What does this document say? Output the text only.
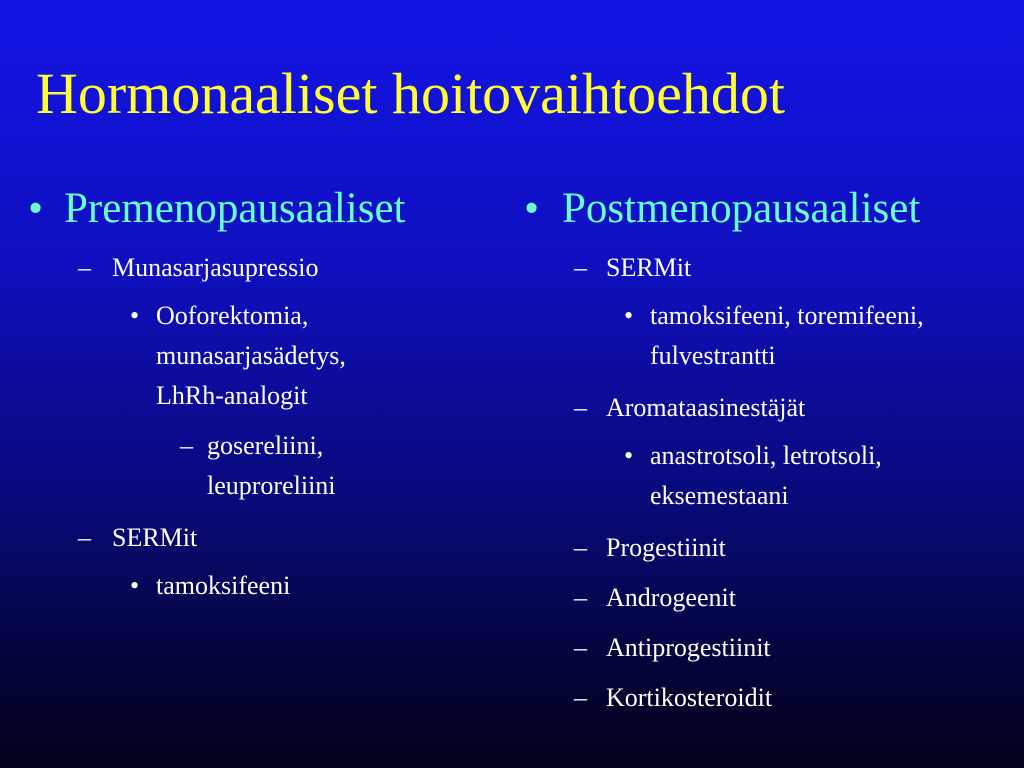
Hormonaaliset hoitovaihtoehdot
• Premenopausaaliset
– Munasarjasupressio
• Ooforektomia,
munasarjasädetys,
LhRh-analogit
– gosereliini,
leuproreliini
– SERMit
• tamoksifeeni
• Postmenopausaaliset
– SERMit
• tamoksifeeni, toremifeeni,
fulvestrantti
– Aromataasinestäjät
• anastrotsoli, letrotsoli,
eksemestaani
– Progestiinit
– Androgeenit
– Antiprogestiinit
– Kortikosteroidit
